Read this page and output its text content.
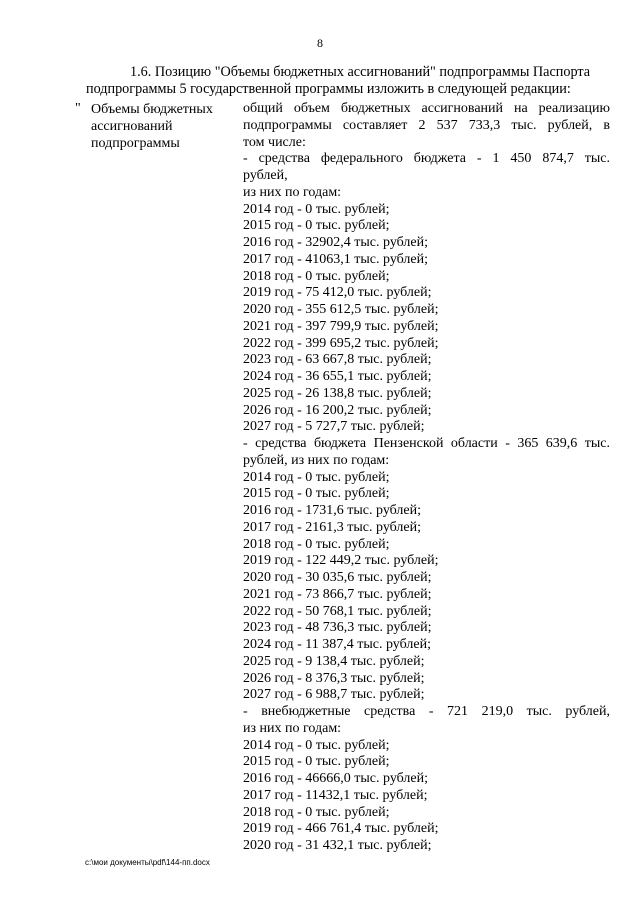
8
1.6. Позицию "Объемы бюджетных ассигнований" подпрограммы Паспорта
подпрограммы 5 государственной программы изложить в следующей редакции:
" Объемы бюджетных
ассигнований
подпрограммы
общий объем бюджетных ассигнований на реализацию
подпрограммы составляет 2 537 733,3 тыс. рублей, в
том числе:
- средства федерального бюджета - 1 450 874,7 тыс.
рублей,
из них по годам:
2014 год - 0 тыс. рублей;
2015 год - 0 тыс. рублей;
2016 год - 32902,4 тыс. рублей;
2017 год - 41063,1 тыс. рублей;
2018 год - 0 тыс. рублей;
2019 год - 75 412,0 тыс. рублей;
2020 год - 355 612,5 тыс. рублей;
2021 год - 397 799,9 тыс. рублей;
2022 год - 399 695,2 тыс. рублей;
2023 год - 63 667,8 тыс. рублей;
2024 год - 36 655,1 тыс. рублей;
2025 год - 26 138,8 тыс. рублей;
2026 год - 16 200,2 тыс. рублей;
2027 год - 5 727,7 тыс. рублей;
- средства бюджета Пензенской области - 365 639,6 тыс.
рублей, из них по годам:
2014 год - 0 тыс. рублей;
2015 год - 0 тыс. рублей;
2016 год - 1731,6 тыс. рублей;
2017 год - 2161,3 тыс. рублей;
2018 год - 0 тыс. рублей;
2019 год - 122 449,2 тыс. рублей;
2020 год - 30 035,6 тыс. рублей;
2021 год - 73 866,7 тыс. рублей;
2022 год - 50 768,1 тыс. рублей;
2023 год - 48 736,3 тыс. рублей;
2024 год - 11 387,4 тыс. рублей;
2025 год - 9 138,4 тыс. рублей;
2026 год - 8 376,3 тыс. рублей;
2027 год - 6 988,7 тыс. рублей;
- внебюджетные средства - 721 219,0 тыс. рублей,
из них по годам:
2014 год - 0 тыс. рублей;
2015 год - 0 тыс. рублей;
2016 год - 46666,0 тыс. рублей;
2017 год - 11432,1 тыс. рублей;
2018 год - 0 тыс. рублей;
2019 год - 466 761,4 тыс. рублей;
2020 год - 31 432,1 тыс. рублей;
c:\мои документы\pdf\144-пп.docx
